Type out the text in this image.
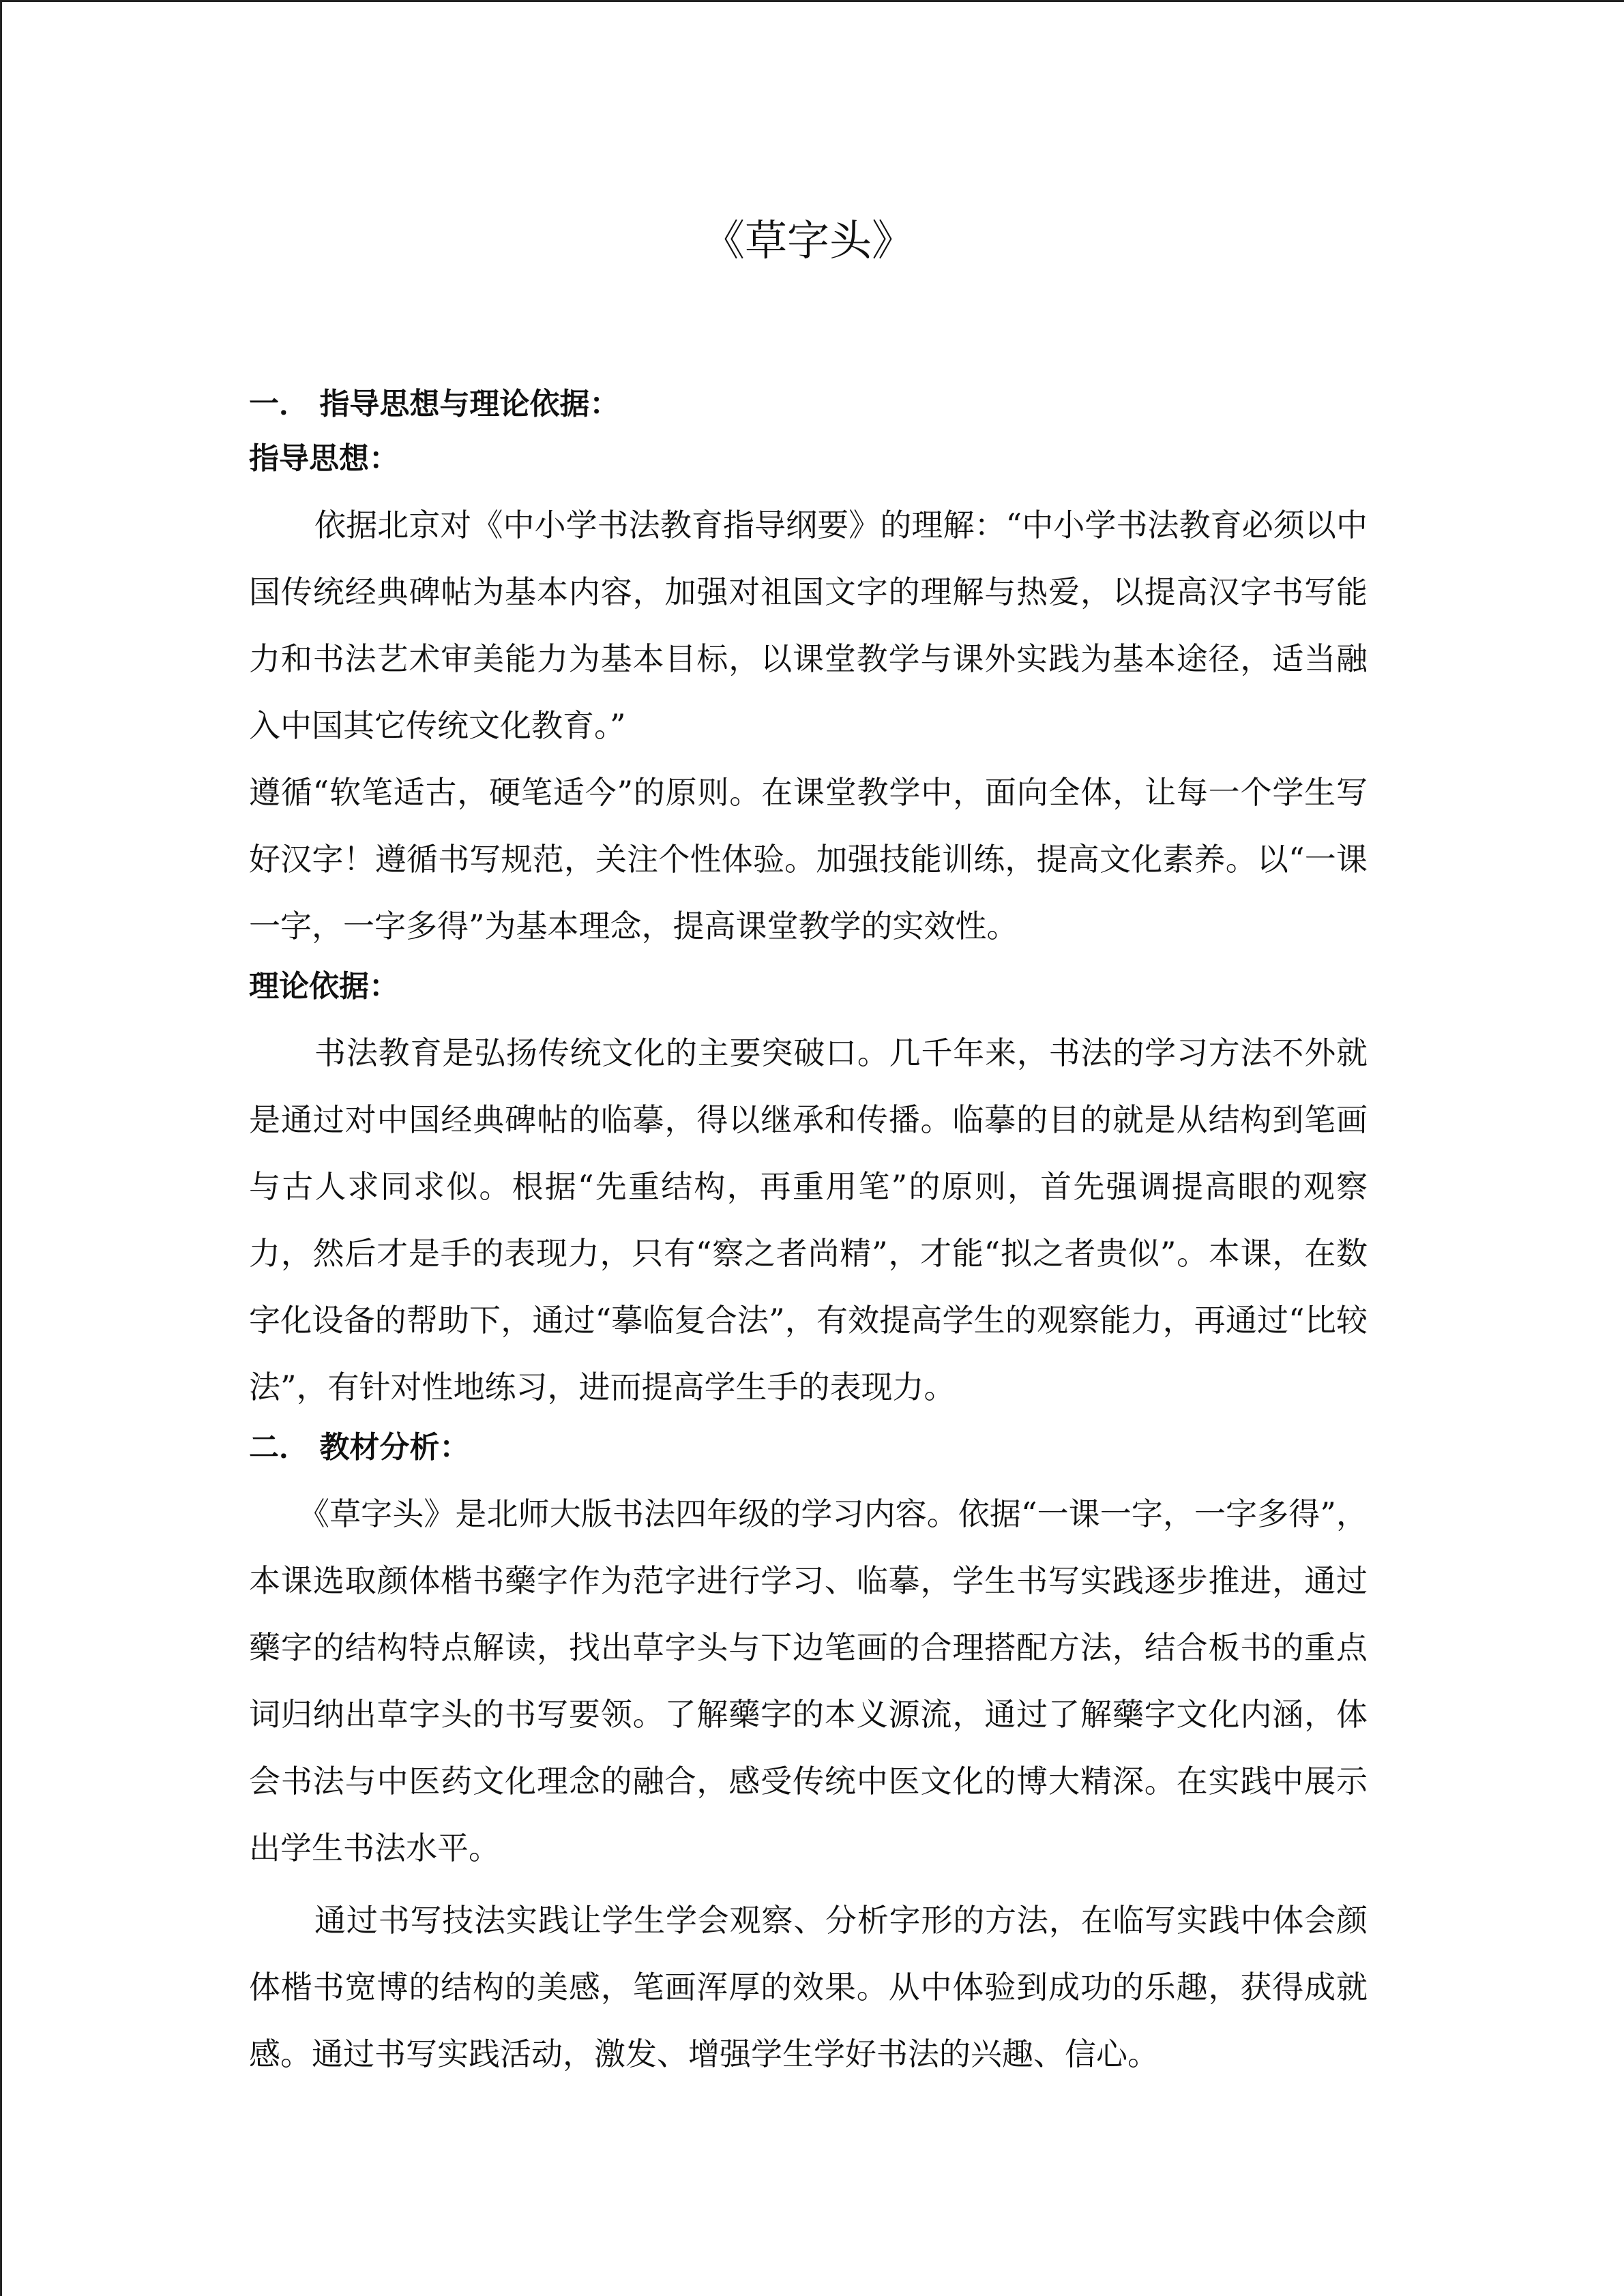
《草字头》
一． 指导思想与理论依据：
指导思想：

依据北京对《中小学书法教育指导纲要》的理解：“中小学书法教育必须以中国传统经典碑帖为基本内容，加强对祖国文字的理解与热爱，以提高汉字书写能力和书法艺术审美能力为基本目标，以课堂教学与课外实践为基本途径，适当融入中国其它传统文化教育。”

遵循“软笔适古，硬笔适今”的原则。在课堂教学中，面向全体，让每一个学生写好汉字！遵循书写规范，关注个性体验。加强技能训练，提高文化素养。以“一课一字，一字多得”为基本理念，提高课堂教学的实效性。

理论依据：

书法教育是弘扬传统文化的主要突破口。几千年来，书法的学习方法不外就是通过对中国经典碑帖的临摹，得以继承和传播。临摹的目的就是从结构到笔画与古人求同求似。根据“先重结构，再重用笔”的原则，首先强调提高眼的观察力，然后才是手的表现力，只有“察之者尚精”，才能“拟之者贵似”。本课，在数字化设备的帮助下，通过“摹临复合法”，有效提高学生的观察能力，再通过“比较法”，有针对性地练习，进而提高学生手的表现力。

二． 教材分析：

《草字头》是北师大版书法四年级的学习内容。依据“一课一字，一字多得”，本课选取颜体楷书藥字作为范字进行学习、临摹，学生书写实践逐步推进，通过藥字的结构特点解读，找出草字头与下边笔画的合理搭配方法，结合板书的重点词归纳出草字头的书写要领。了解藥字的本义源流，通过了解藥字文化内涵，体会书法与中医药文化理念的融合，感受传统中医文化的博大精深。在实践中展示出学生书法水平。

通过书写技法实践让学生学会观察、分析字形的方法，在临写实践中体会颜体楷书宽博的结构的美感，笔画浑厚的效果。从中体验到成功的乐趣，获得成就感。通过书写实践活动，激发、增强学生学好书法的兴趣、信心。
